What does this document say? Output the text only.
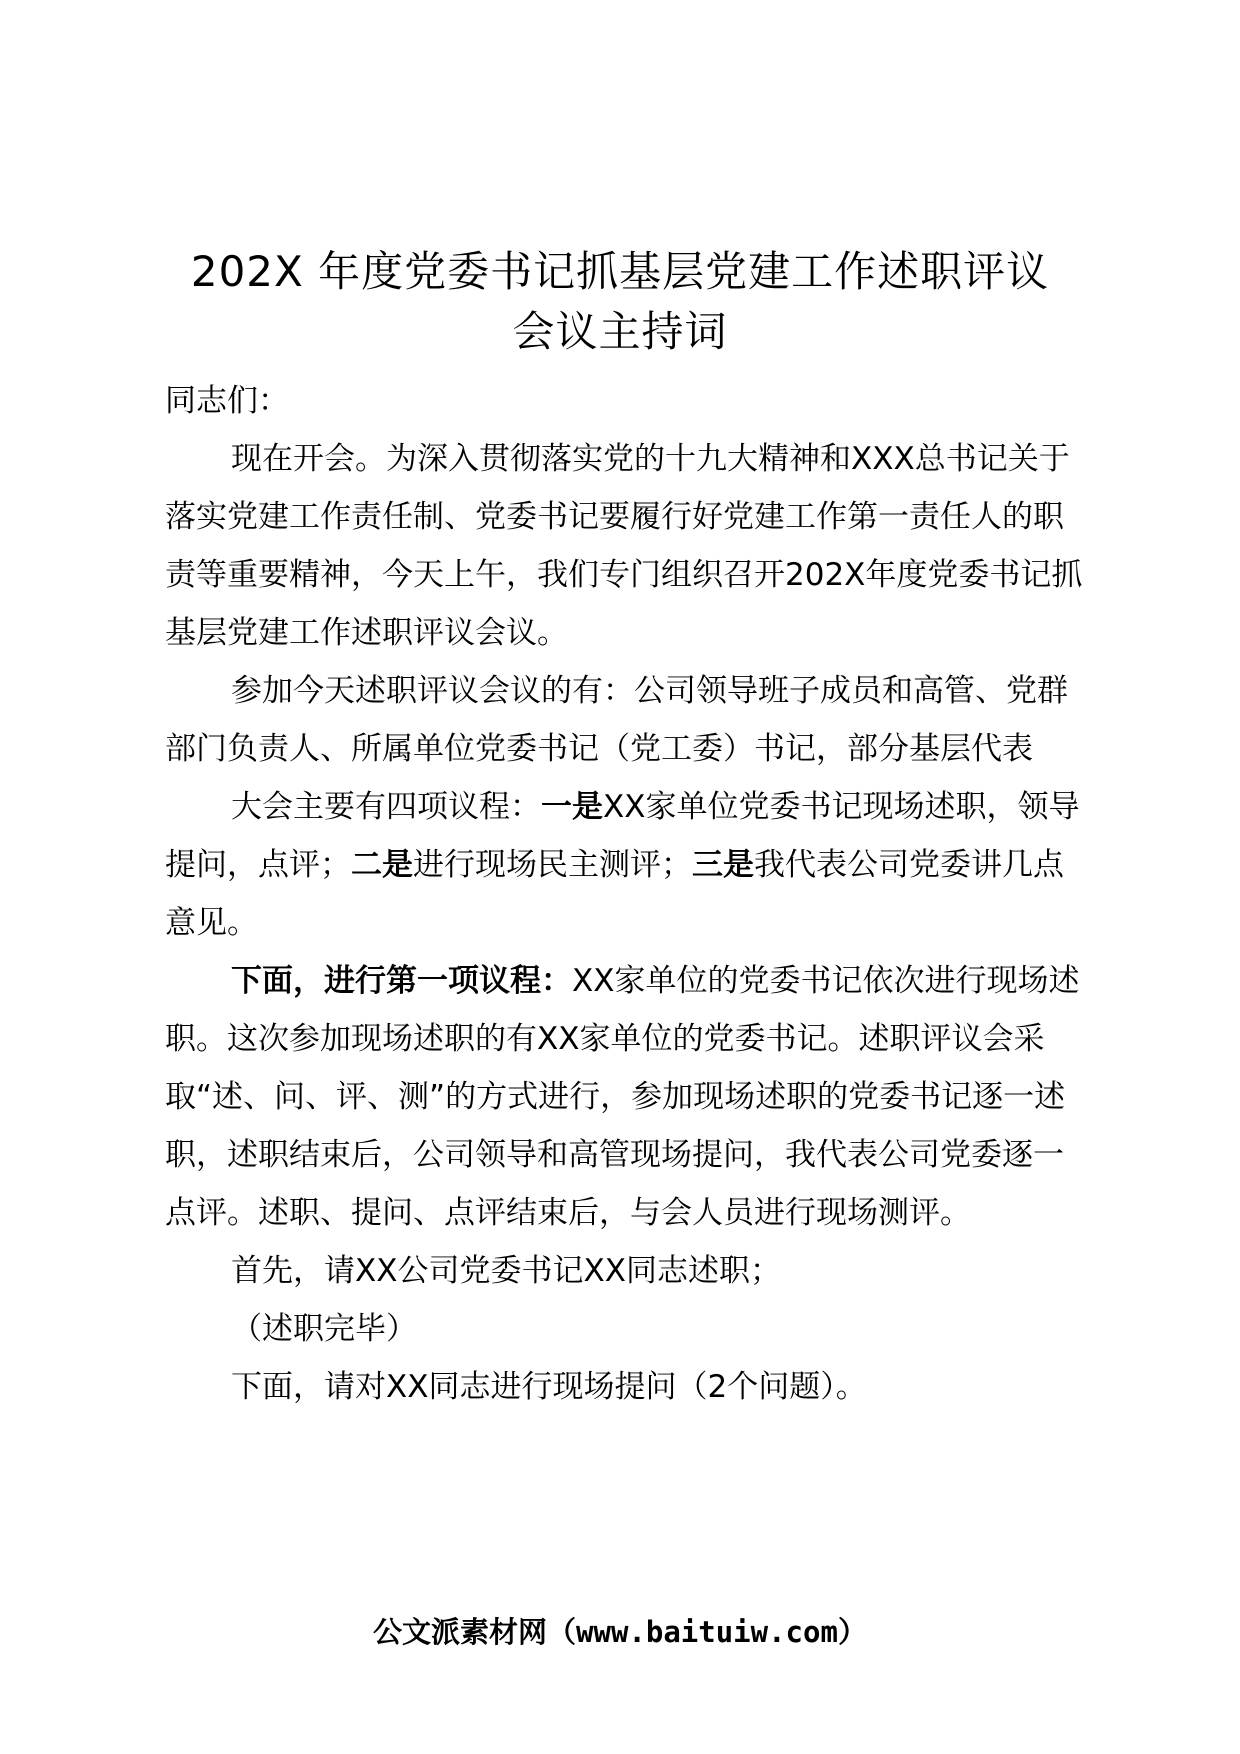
202X 年度党委书记抓基层党建工作述职评议
会议主持词

同志们：

现在开会。为深入贯彻落实党的十九大精神和XXX总书记关于落实党建工作责任制、党委书记要履行好党建工作第一责任人的职责等重要精神，今天上午，我们专门组织召开202X年度党委书记抓基层党建工作述职评议会议。

参加今天述职评议会议的有：公司领导班子成员和高管、党群部门负责人、所属单位党委书记（党工委）书记，部分基层代表

大会主要有四项议程：一是XX家单位党委书记现场述职，领导提问，点评；二是进行现场民主测评；三是我代表公司党委讲几点意见。

下面，进行第一项议程：XX家单位的党委书记依次进行现场述职。这次参加现场述职的有XX家单位的党委书记。述职评议会采取“述、问、评、测”的方式进行，参加现场述职的党委书记逐一述职，述职结束后，公司领导和高管现场提问，我代表公司党委逐一点评。述职、提问、点评结束后，与会人员进行现场测评。

首先，请XX公司党委书记XX同志述职；

（述职完毕）

下面，请对XX同志进行现场提问（2个问题）。

公文派素材网（www.baituiw.com）
